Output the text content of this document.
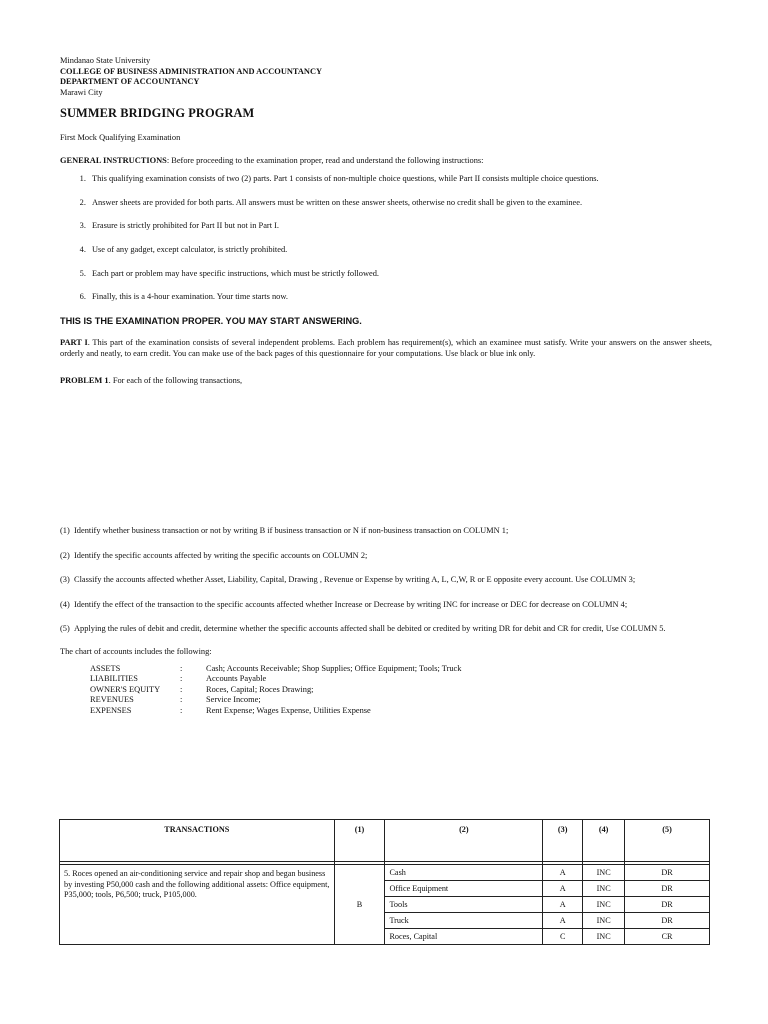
Mindanao State University
COLLEGE OF BUSINESS ADMINISTRATION AND ACCOUNTANCY
DEPARTMENT OF ACCOUNTANCY
Marawi City
SUMMER BRIDGING PROGRAM
First Mock Qualifying Examination
GENERAL INSTRUCTIONS: Before proceeding to the examination proper, read and understand the following instructions:
1. This qualifying examination consists of two (2) parts. Part 1 consists of non-multiple choice questions, while Part II consists multiple choice questions.
2. Answer sheets are provided for both parts. All answers must be written on these answer sheets, otherwise no credit shall be given to the examinee.
3. Erasure is strictly prohibited for Part II but not in Part I.
4. Use of any gadget, except calculator, is strictly prohibited.
5. Each part or problem may have specific instructions, which must be strictly followed.
6. Finally, this is a 4-hour examination. Your time starts now.
THIS IS THE EXAMINATION PROPER. YOU MAY START ANSWERING.
PART I. This part of the examination consists of several independent problems. Each problem has requirement(s), which an examinee must satisfy. Write your answers on the answer sheets, orderly and neatly, to earn credit. You can make use of the back pages of this questionnaire for your computations. Use black or blue ink only.
PROBLEM 1. For each of the following transactions,
(1) Identify whether business transaction or not by writing B if business transaction or N if non-business transaction on COLUMN 1;
(2) Identify the specific accounts affected by writing the specific accounts on COLUMN 2;
(3) Classify the accounts affected whether Asset, Liability, Capital, Drawing , Revenue or Expense by writing A, L, C,W, R or E opposite every account. Use COLUMN 3;
(4) Identify the effect of the transaction to the specific accounts affected whether Increase or Decrease by writing INC for increase or DEC for decrease on COLUMN 4;
(5) Applying the rules of debit and credit, determine whether the specific accounts affected shall be debited or credited by writing DR for debit and CR for credit, Use COLUMN 5.
The chart of accounts includes the following:
ASSETS	:	Cash; Accounts Receivable; Shop Supplies; Office Equipment; Tools; Truck
LIABILITIES	:	Accounts Payable
OWNER'S EQUITY	:	Roces, Capital; Roces Drawing;
REVENUES	:	Service Income;
EXPENSES	:	Rent Expense; Wages Expense, Utilities Expense
TRANSACTIONS	(1)	(2)	(3)	(4)	(5)

5. Roces opened an air-conditioning service and repair shop and began business by investing P50,000 cash and the following additional assets: Office equipment, P35,000; tools, P6,500; truck, P105,000.	B	Cash	A	INC	DR
		Office Equipment	A	INC	DR
		Tools	A	INC	DR
		Truck	A	INC	DR
		Roces, Capital	C	INC	CR
